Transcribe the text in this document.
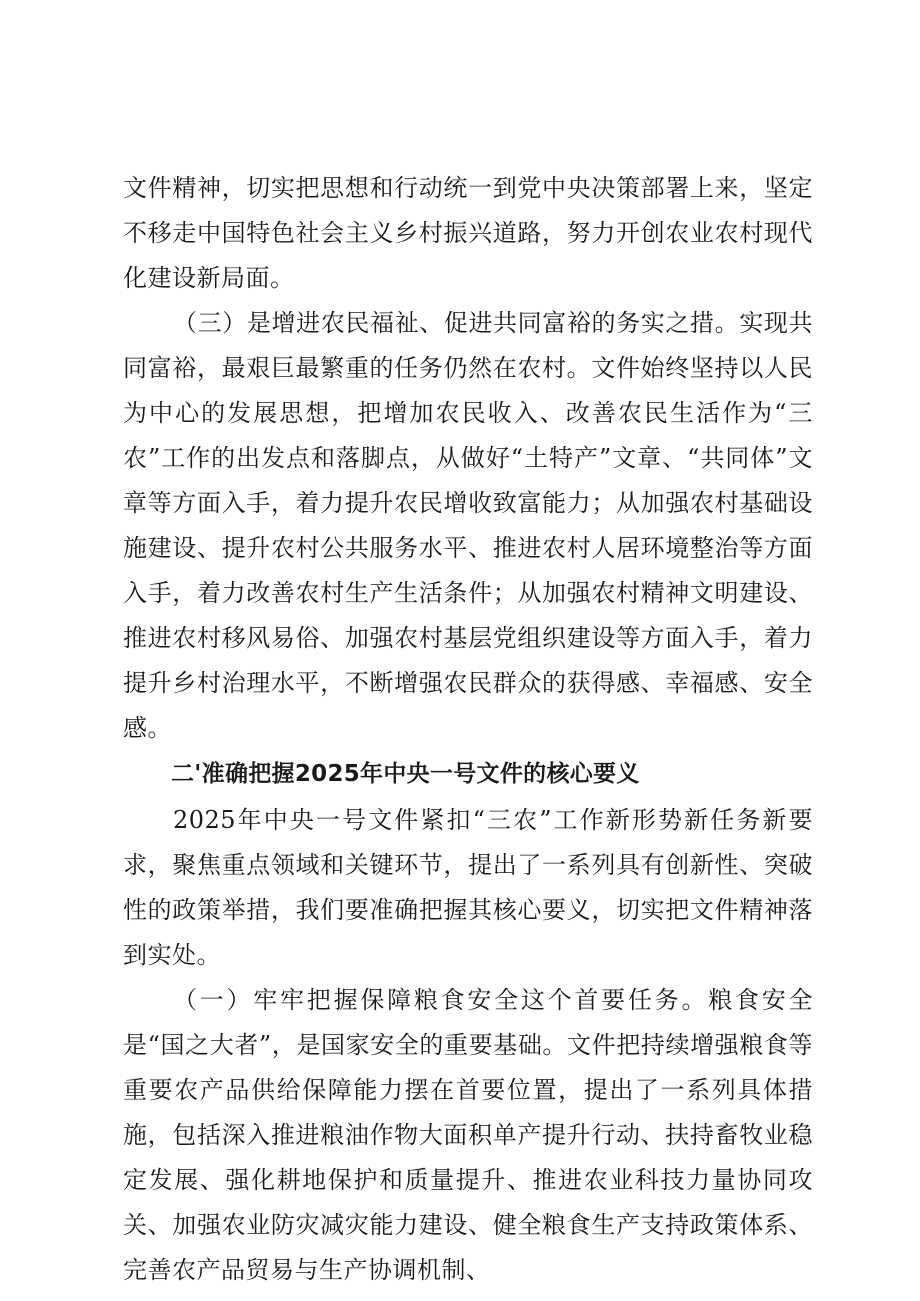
文件精神，切实把思想和行动统一到党中央决策部署上来，坚定不移走中国特色社会主义乡村振兴道路，努力开创农业农村现代化建设新局面。

（三）是增进农民福祉、促进共同富裕的务实之措。实现共同富裕，最艰巨最繁重的任务仍然在农村。文件始终坚持以人民为中心的发展思想，把增加农民收入、改善农民生活作为“三农”工作的出发点和落脚点，从做好“土特产”文章、“共同体”文章等方面入手，着力提升农民增收致富能力；从加强农村基础设施建设、提升农村公共服务水平、推进农村人居环境整治等方面入手，着力改善农村生产生活条件；从加强农村精神文明建设、推进农村移风易俗、加强农村基层党组织建设等方面入手，着力提升乡村治理水平，不断增强农民群众的获得感、幸福感、安全感。

二'准确把握2025年中央一号文件的核心要义

2025年中央一号文件紧扣“三农”工作新形势新任务新要求，聚焦重点领域和关键环节，提出了一系列具有创新性、突破性的政策举措，我们要准确把握其核心要义，切实把文件精神落到实处。

（一）牢牢把握保障粮食安全这个首要任务。粮食安全是“国之大者”，是国家安全的重要基础。文件把持续增强粮食等重要农产品供给保障能力摆在首要位置，提出了一系列具体措施，包括深入推进粮油作物大面积单产提升行动、扶持畜牧业稳定发展、强化耕地保护和质量提升、推进农业科技力量协同攻关、加强农业防灾减灾能力建设、健全粮食生产支持政策体系、完善农产品贸易与生产协调机制、
